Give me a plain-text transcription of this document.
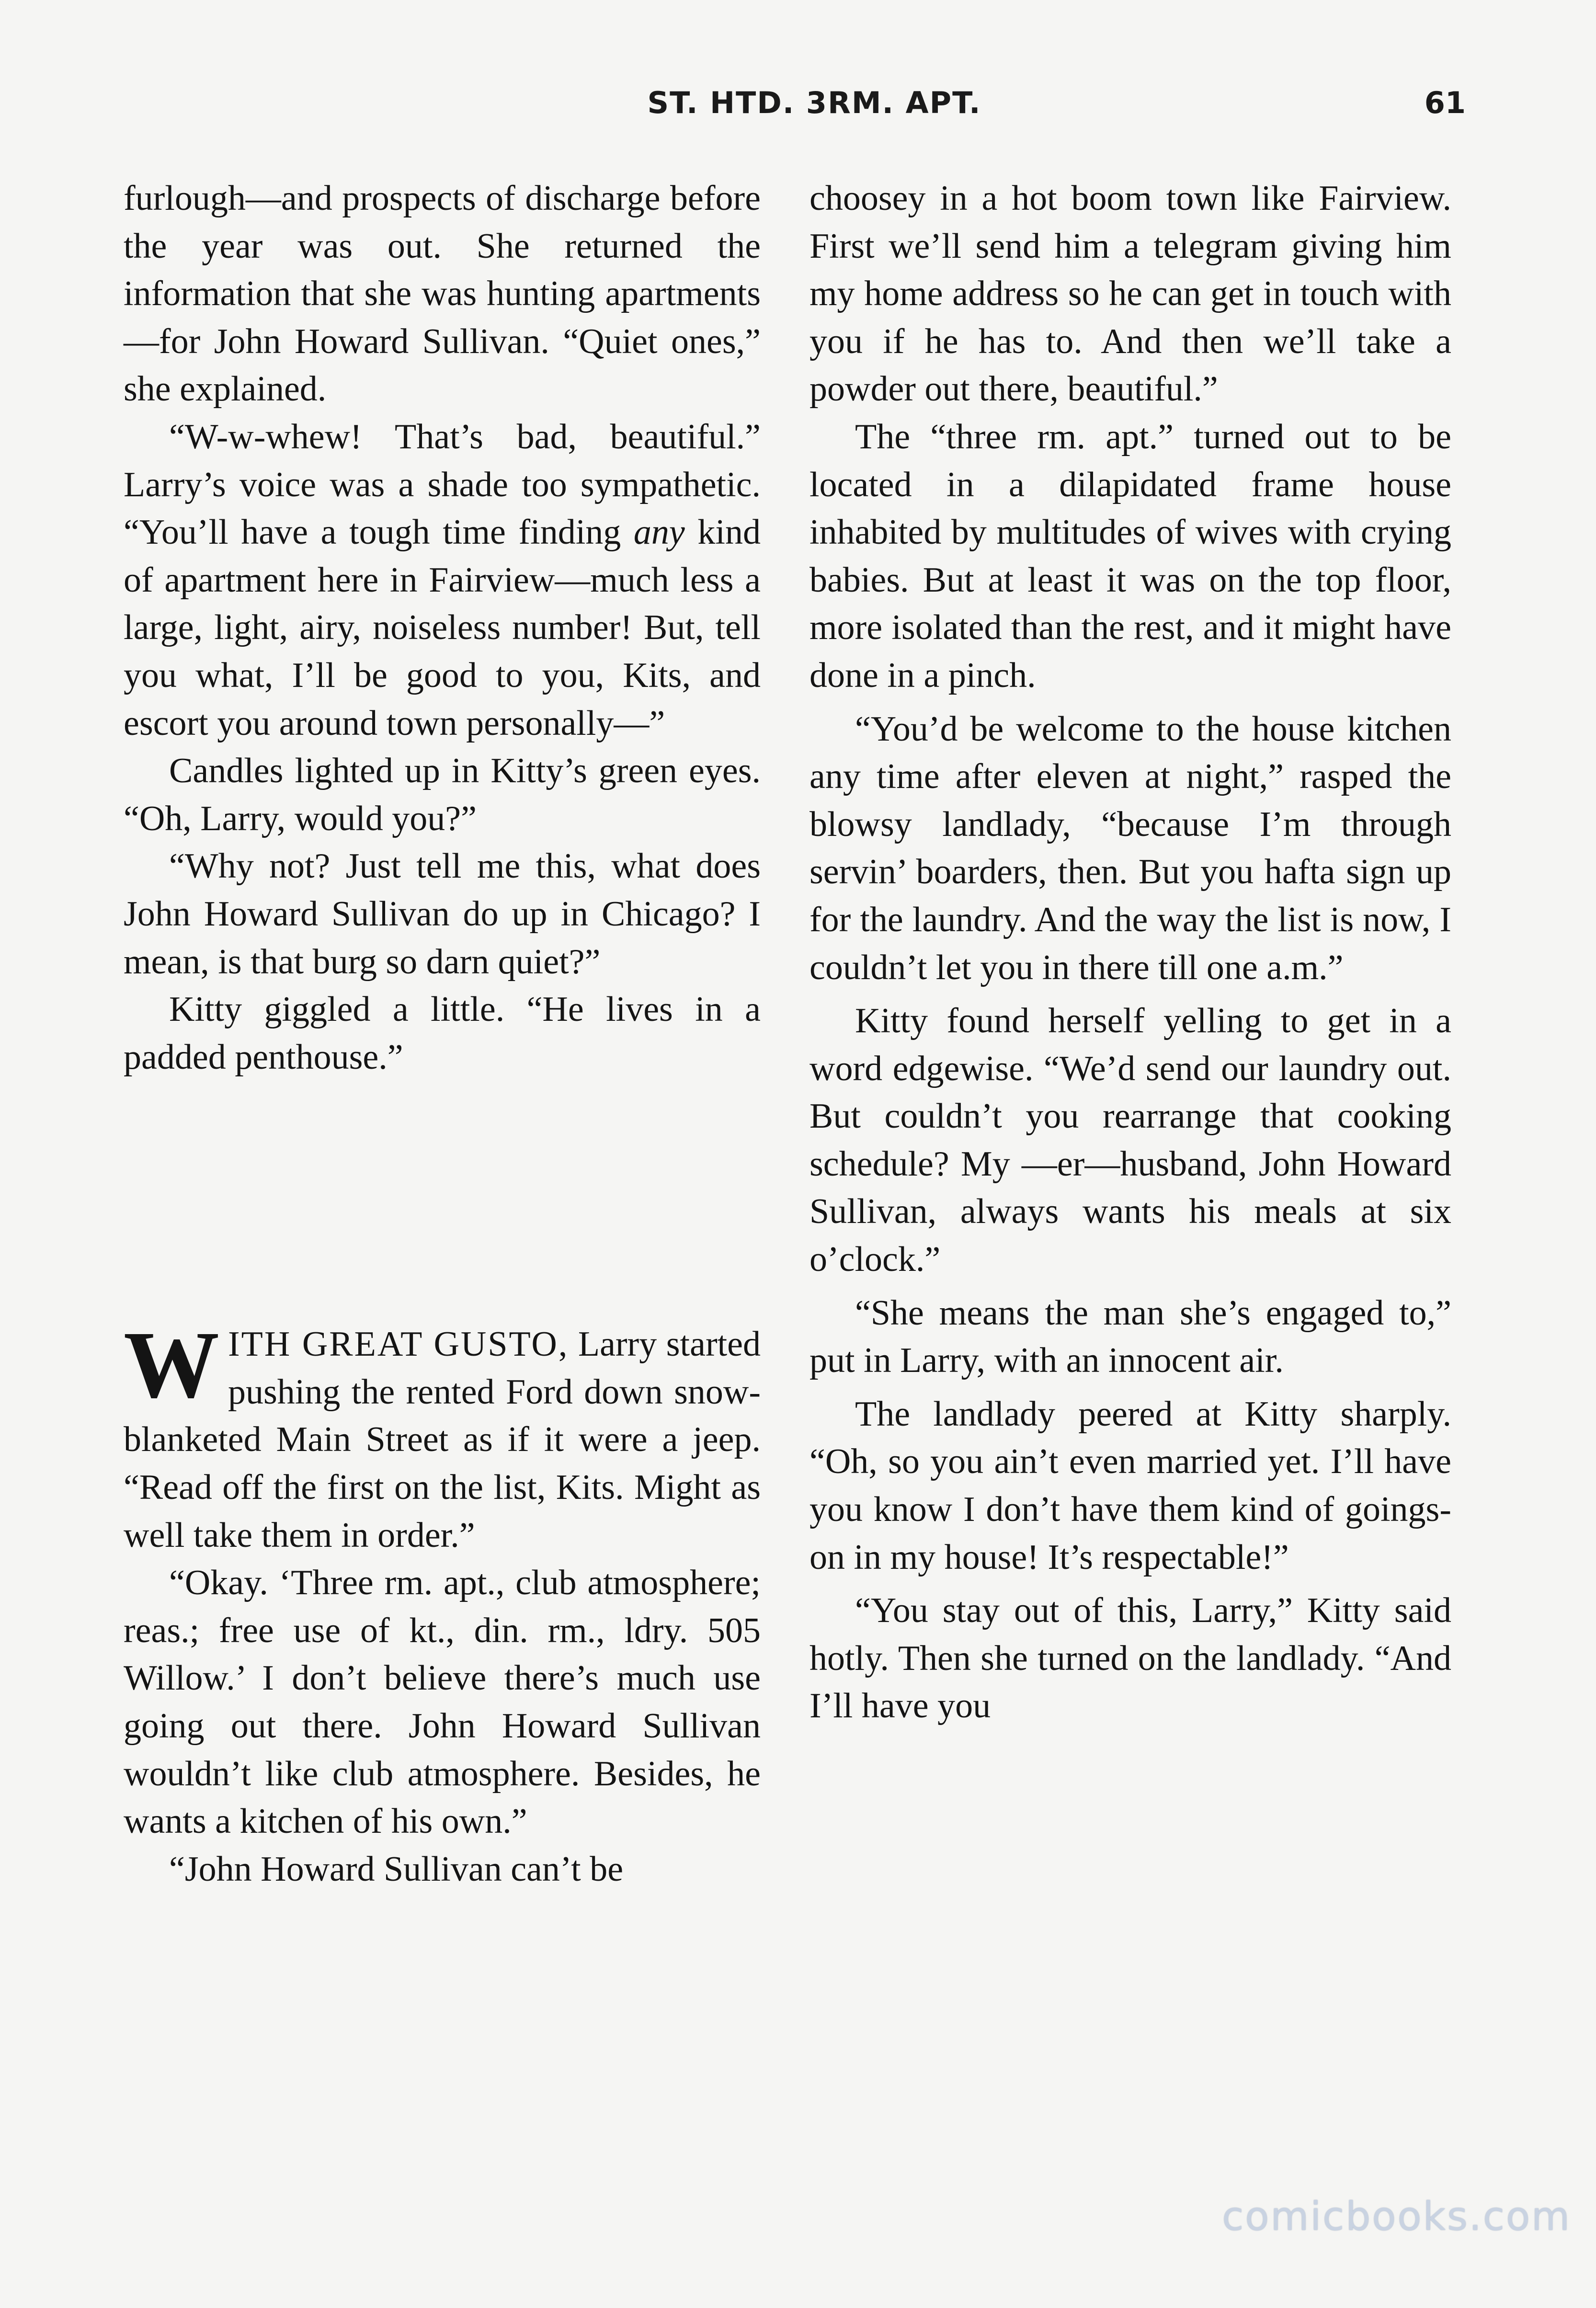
ST. HTD. 3RM. APT.	61

furlough—and prospects of discharge before the year was out. She returned the information that she was hunting apartments—for John Howard Sullivan. “Quiet ones,” she explained.

“W-w-whew! That’s bad, beautiful.” Larry’s voice was a shade too sympathetic. “You’ll have a tough time finding any kind of apartment here in Fairview—much less a large, light, airy, noiseless number! But, tell you what, I’ll be good to you, Kits, and escort you around town personally—”

Candles lighted up in Kitty’s green eyes. “Oh, Larry, would you?”

“Why not? Just tell me this, what does John Howard Sullivan do up in Chicago? I mean, is that burg so darn quiet?”

Kitty giggled a little. “He lives in a padded penthouse.”

WITH GREAT GUSTO, Larry started pushing the rented Ford down snow-blanketed Main Street as if it were a jeep. “Read off the first on the list, Kits. Might as well take them in order.”

“Okay. ‘Three rm. apt., club atmosphere; reas.; free use of kt., din. rm., ldry. 505 Willow.’ I don’t believe there’s much use going out there. John Howard Sullivan wouldn’t like club atmosphere. Besides, he wants a kitchen of his own.”

“John Howard Sullivan can’t be

choosey in a hot boom town like Fairview. First we’ll send him a telegram giving him my home address so he can get in touch with you if he has to. And then we’ll take a powder out there, beautiful.”

The “three rm. apt.” turned out to be located in a dilapidated frame house inhabited by multitudes of wives with crying babies. But at least it was on the top floor, more isolated than the rest, and it might have done in a pinch.

“You’d be welcome to the house kitchen any time after eleven at night,” rasped the blowsy landlady, “because I’m through servin’ boarders, then. But you hafta sign up for the laundry. And the way the list is now, I couldn’t let you in there till one a.m.”

Kitty found herself yelling to get in a word edgewise. “We’d send our laundry out. But couldn’t you rearrange that cooking schedule? My —er—husband, John Howard Sullivan, always wants his meals at six o’clock.”

“She means the man she’s engaged to,” put in Larry, with an innocent air.

The landlady peered at Kitty sharply. “Oh, so you ain’t even married yet. I’ll have you know I don’t have them kind of goings-on in my house! It’s respectable!”

“You stay out of this, Larry,” Kitty said hotly. Then she turned on the landlady. “And I’ll have you

comicbooks.com
